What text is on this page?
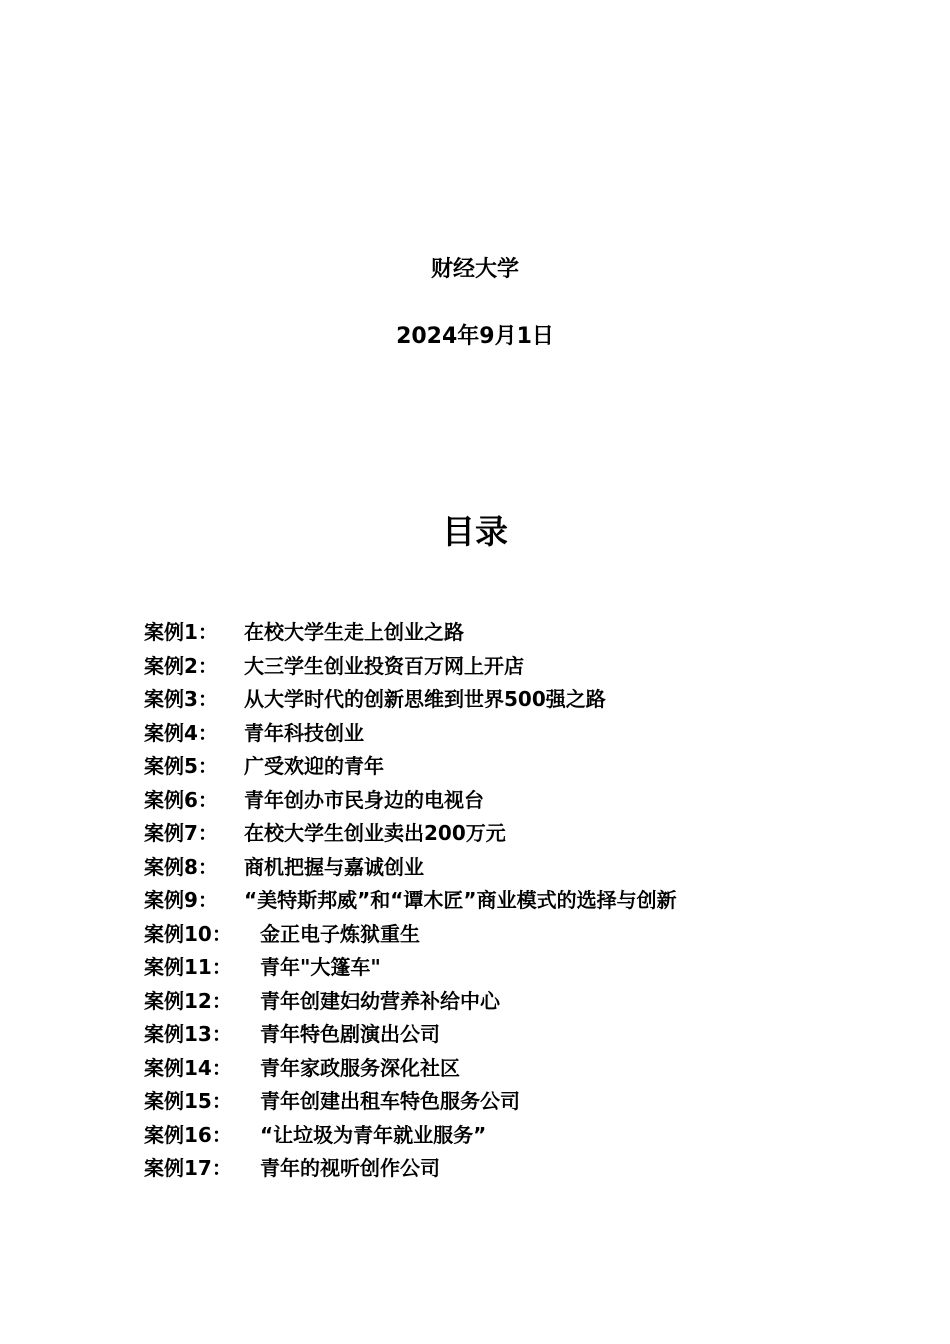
财经大学
2024年9月1日
目录
案例1： 在校大学生走上创业之路
案例2： 大三学生创业投资百万网上开店
案例3： 从大学时代的创新思维到世界500强之路
案例4： 青年科技创业
案例5： 广受欢迎的青年
案例6： 青年创办市民身边的电视台
案例7： 在校大学生创业卖出200万元
案例8： 商机把握与嘉诚创业
案例9： “美特斯邦威”和“谭木匠”商业模式的选择与创新
案例10： 金正电子炼狱重生
案例11： 青年"大篷车"
案例12： 青年创建妇幼营养补给中心
案例13： 青年特色剧演出公司
案例14： 青年家政服务深化社区
案例15： 青年创建出租车特色服务公司
案例16： “让垃圾为青年就业服务”
案例17： 青年的视听创作公司
